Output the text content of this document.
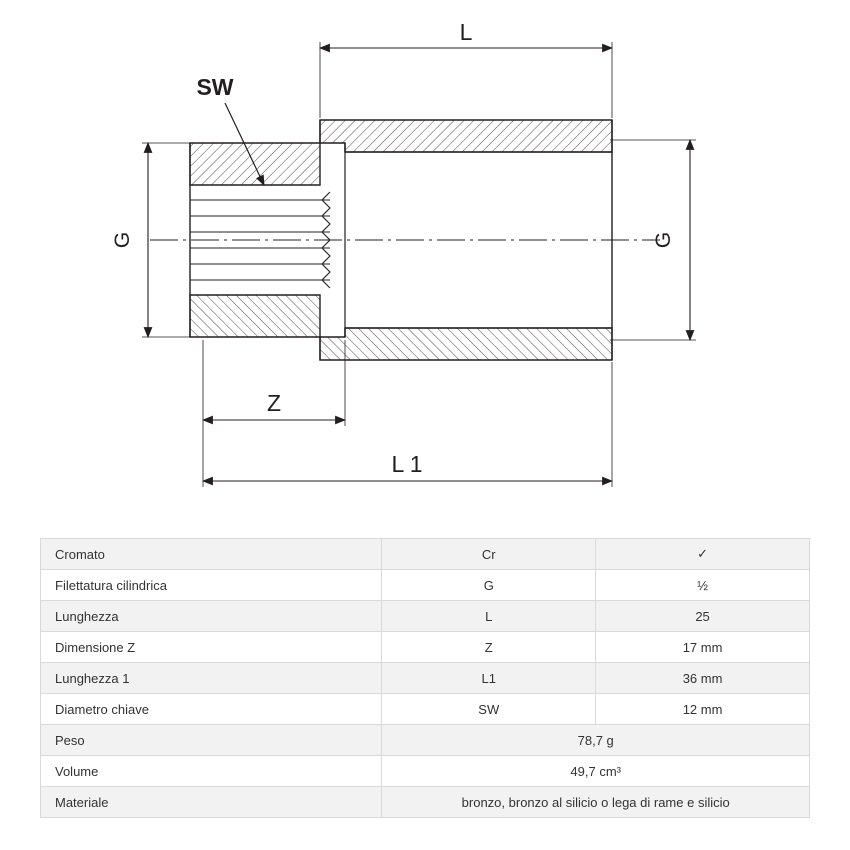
L
SW
G	G
Z
L 1
Cromato	Cr	✓
Filettatura cilindrica	G	½
Lunghezza	L	25
Dimensione Z	Z	17 mm
Lunghezza 1	L1	36 mm
Diametro chiave	SW	12 mm
Peso	78,7 g	
Volume	49,7 cm³	
Materiale	bronzo, bronzo al silicio o lega di rame e silicio	
